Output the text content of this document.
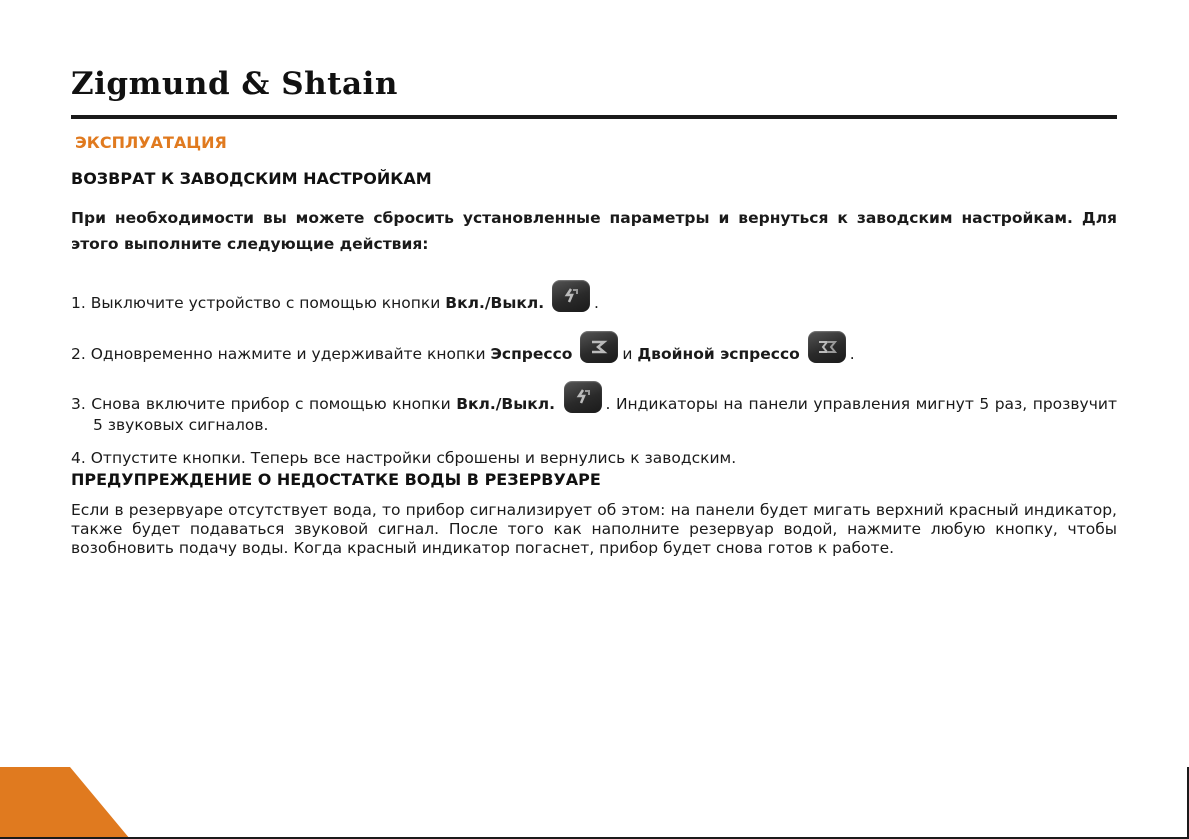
Zigmund & Shtain
ЭКСПЛУАТАЦИЯ
ВОЗВРАТ К ЗАВОДСКИМ НАСТРОЙКАМ

При необходимости вы можете сбросить установленные параметры и вернуться к заводским настройкам. Для этого выполните следующие действия:

1. Выключите устройство с помощью кнопки Вкл./Выкл.	.

2. Одновременно нажмите и удерживайте кнопки Эспрессо	и Двойной эспрессо	.

3. Снова включите прибор с помощью кнопки Вкл./Выкл.	. Индикаторы на панели управления мигнут 5 раз, прозвучит 5 звуковых сигналов.

4. Отпустите кнопки. Теперь все настройки сброшены и вернулись к заводским.

ПРЕДУПРЕЖДЕНИЕ О НЕДОСТАТКЕ ВОДЫ В РЕЗЕРВУАРЕ

Если в резервуаре отсутствует вода, то прибор сигнализирует об этом: на панели будет мигать верхний красный индикатор, также будет подаваться звуковой сигнал. После того как наполните резервуар водой, нажмите любую кнопку, чтобы возобновить подачу воды. Когда красный индикатор погаснет, прибор будет снова готов к работе.
